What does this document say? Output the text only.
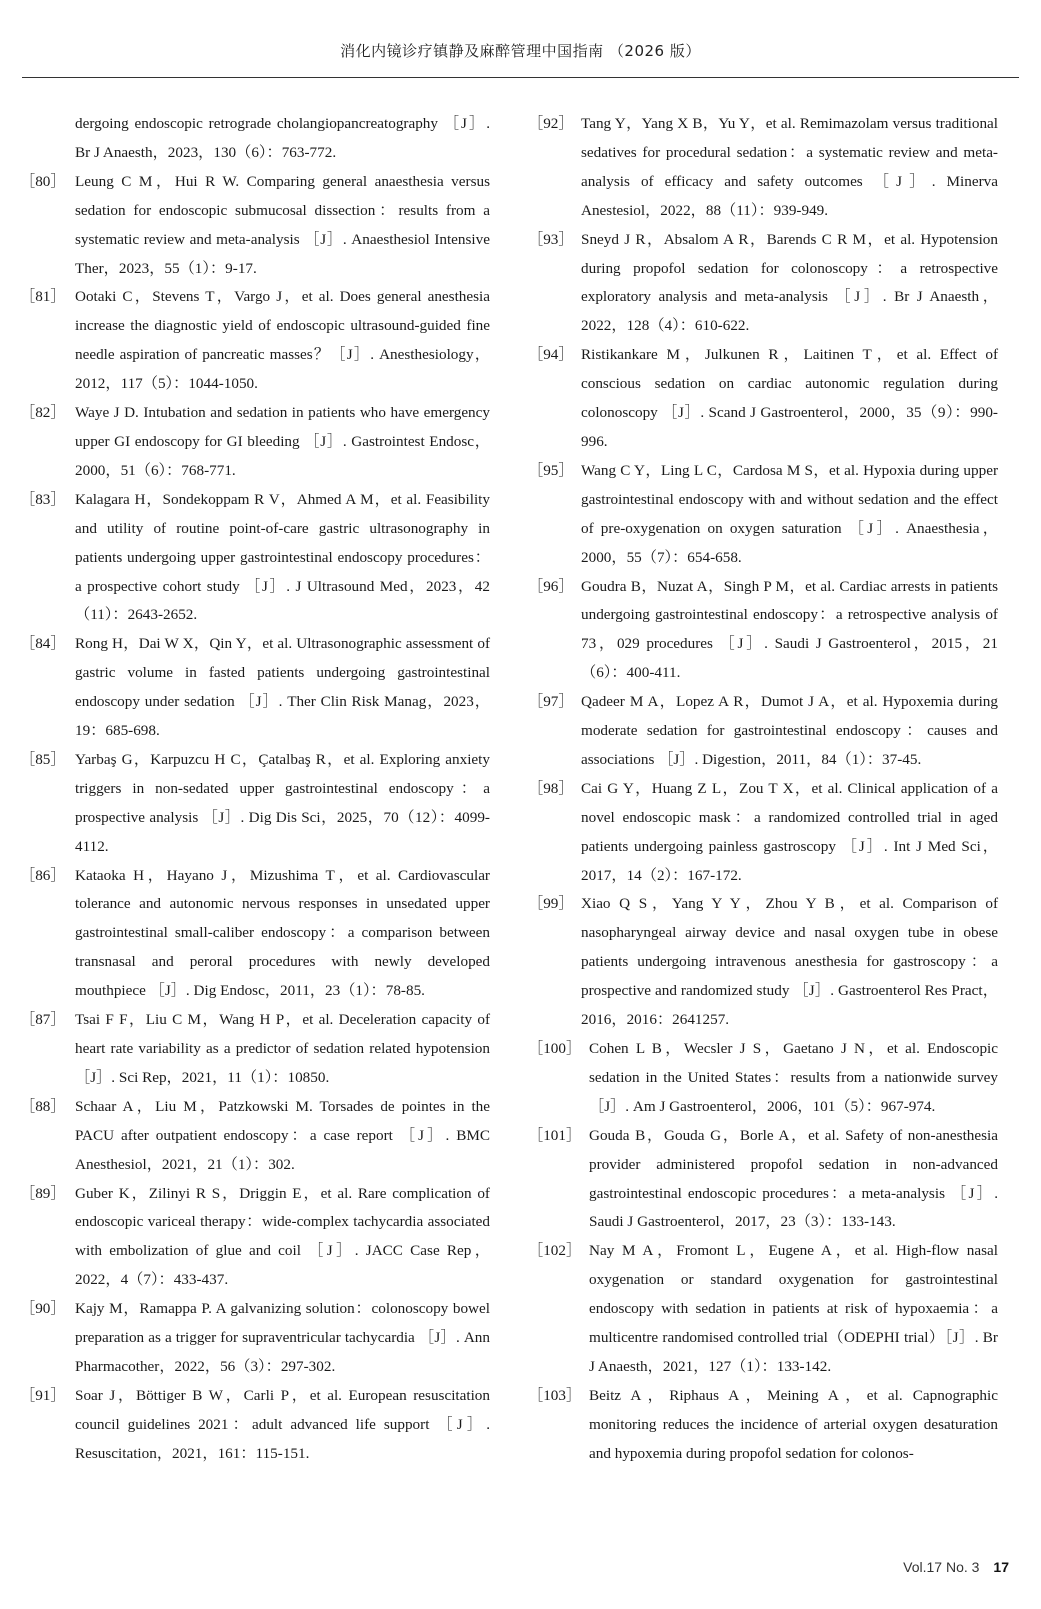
消化内镜诊疗镇静及麻醉管理中国指南 （2026 版）
dergoing endoscopic retrograde cholangiopancreatography ［J］. Br J Anaesth，2023，130（6）：763-772.
［80］ Leung C M，Hui R W. Comparing general anaesthesia versus sedation for endoscopic submucosal dissection：results from a systematic review and meta-analysis ［J］. Anaesthesiol Intensive Ther，2023，55（1）：9-17.
［81］ Ootaki C，Stevens T，Vargo J，et al. Does general anesthesia increase the diagnostic yield of endoscopic ultrasound-guided fine needle aspiration of pancreatic masses？［J］. Anesthesiology，2012，117（5）：1044-1050.
［82］ Waye J D. Intubation and sedation in patients who have emergency upper GI endoscopy for GI bleeding ［J］. Gastrointest Endosc，2000，51（6）：768-771.
［83］ Kalagara H，Sondekoppam R V，Ahmed A M，et al. Feasibility and utility of routine point-of-care gastric ultrasonography in patients undergoing upper gastrointestinal endoscopy procedures：a prospective cohort study ［J］. J Ultrasound Med，2023，42（11）：2643-2652.
［84］ Rong H，Dai W X，Qin Y，et al. Ultrasonographic assessment of gastric volume in fasted patients undergoing gastrointestinal endoscopy under sedation ［J］. Ther Clin Risk Manag，2023，19：685-698.
［85］ Yarbaş G，Karpuzcu H C，Çatalbaş R，et al. Exploring anxiety triggers in non-sedated upper gastrointestinal endoscopy：a prospective analysis ［J］. Dig Dis Sci，2025，70（12）：4099-4112.
［86］ Kataoka H，Hayano J，Mizushima T，et al. Cardiovascular tolerance and autonomic nervous responses in unsedated upper gastrointestinal small-caliber endoscopy：a comparison between transnasal and peroral procedures with newly developed mouthpiece ［J］. Dig Endosc，2011，23（1）：78-85.
［87］ Tsai F F，Liu C M，Wang H P，et al. Deceleration capacity of heart rate variability as a predictor of sedation related hypotension ［J］. Sci Rep，2021，11（1）：10850.
［88］ Schaar A，Liu M，Patzkowski M. Torsades de pointes in the PACU after outpatient endoscopy：a case report ［J］. BMC Anesthesiol，2021，21（1）：302.
［89］ Guber K，Zilinyi R S，Driggin E，et al. Rare complication of endoscopic variceal therapy：wide-complex tachycardia associated with embolization of glue and coil ［J］. JACC Case Rep，2022，4（7）：433-437.
［90］ Kajy M，Ramappa P. A galvanizing solution：colonoscopy bowel preparation as a trigger for supraventricular tachycardia ［J］. Ann Pharmacother，2022，56（3）：297-302.
［91］ Soar J，Böttiger B W，Carli P，et al. European resuscitation council guidelines 2021：adult advanced life support ［J］. Resuscitation，2021，161：115-151.
［92］ Tang Y，Yang X B，Yu Y，et al. Remimazolam versus traditional sedatives for procedural sedation：a systematic review and meta-analysis of efficacy and safety outcomes ［J］. Minerva Anestesiol，2022，88（11）：939-949.
［93］ Sneyd J R，Absalom A R，Barends C R M，et al. Hypotension during propofol sedation for colonoscopy：a retrospective exploratory analysis and meta-analysis ［J］. Br J Anaesth，2022，128（4）：610-622.
［94］ Ristikankare M，Julkunen R，Laitinen T，et al. Effect of conscious sedation on cardiac autonomic regulation during colonoscopy ［J］. Scand J Gastroenterol，2000，35（9）：990-996.
［95］ Wang C Y，Ling L C，Cardosa M S，et al. Hypoxia during upper gastrointestinal endoscopy with and without sedation and the effect of pre-oxygenation on oxygen saturation ［J］. Anaesthesia，2000，55（7）：654-658.
［96］ Goudra B，Nuzat A，Singh P M，et al. Cardiac arrests in patients undergoing gastrointestinal endoscopy：a retrospective analysis of 73，029 procedures ［J］. Saudi J Gastroenterol，2015，21（6）：400-411.
［97］ Qadeer M A，Lopez A R，Dumot J A，et al. Hypoxemia during moderate sedation for gastrointestinal endoscopy：causes and associations ［J］. Digestion，2011，84（1）：37-45.
［98］ Cai G Y，Huang Z L，Zou T X，et al. Clinical application of a novel endoscopic mask：a randomized controlled trial in aged patients undergoing painless gastroscopy ［J］. Int J Med Sci，2017，14（2）：167-172.
［99］ Xiao Q S，Yang Y Y，Zhou Y B，et al. Comparison of nasopharyngeal airway device and nasal oxygen tube in obese patients undergoing intravenous anesthesia for gastroscopy：a prospective and randomized study ［J］. Gastroenterol Res Pract，2016，2016：2641257.
［100］ Cohen L B，Wecsler J S，Gaetano J N，et al. Endoscopic sedation in the United States：results from a nationwide survey ［J］. Am J Gastroenterol，2006，101（5）：967-974.
［101］ Gouda B，Gouda G，Borle A，et al. Safety of non-anesthesia provider administered propofol sedation in non-advanced gastrointestinal endoscopic procedures：a meta-analysis ［J］. Saudi J Gastroenterol，2017，23（3）：133-143.
［102］ Nay M A，Fromont L，Eugene A，et al. High-flow nasal oxygenation or standard oxygenation for gastrointestinal endoscopy with sedation in patients at risk of hypoxaemia：a multicentre randomised controlled trial（ODEPHI trial）［J］. Br J Anaesth，2021，127（1）：133-142.
［103］ Beitz A，Riphaus A，Meining A，et al. Capnographic monitoring reduces the incidence of arterial oxygen desaturation and hypoxemia during propofol sedation for colonos-
Vol.17 No. 3 17
